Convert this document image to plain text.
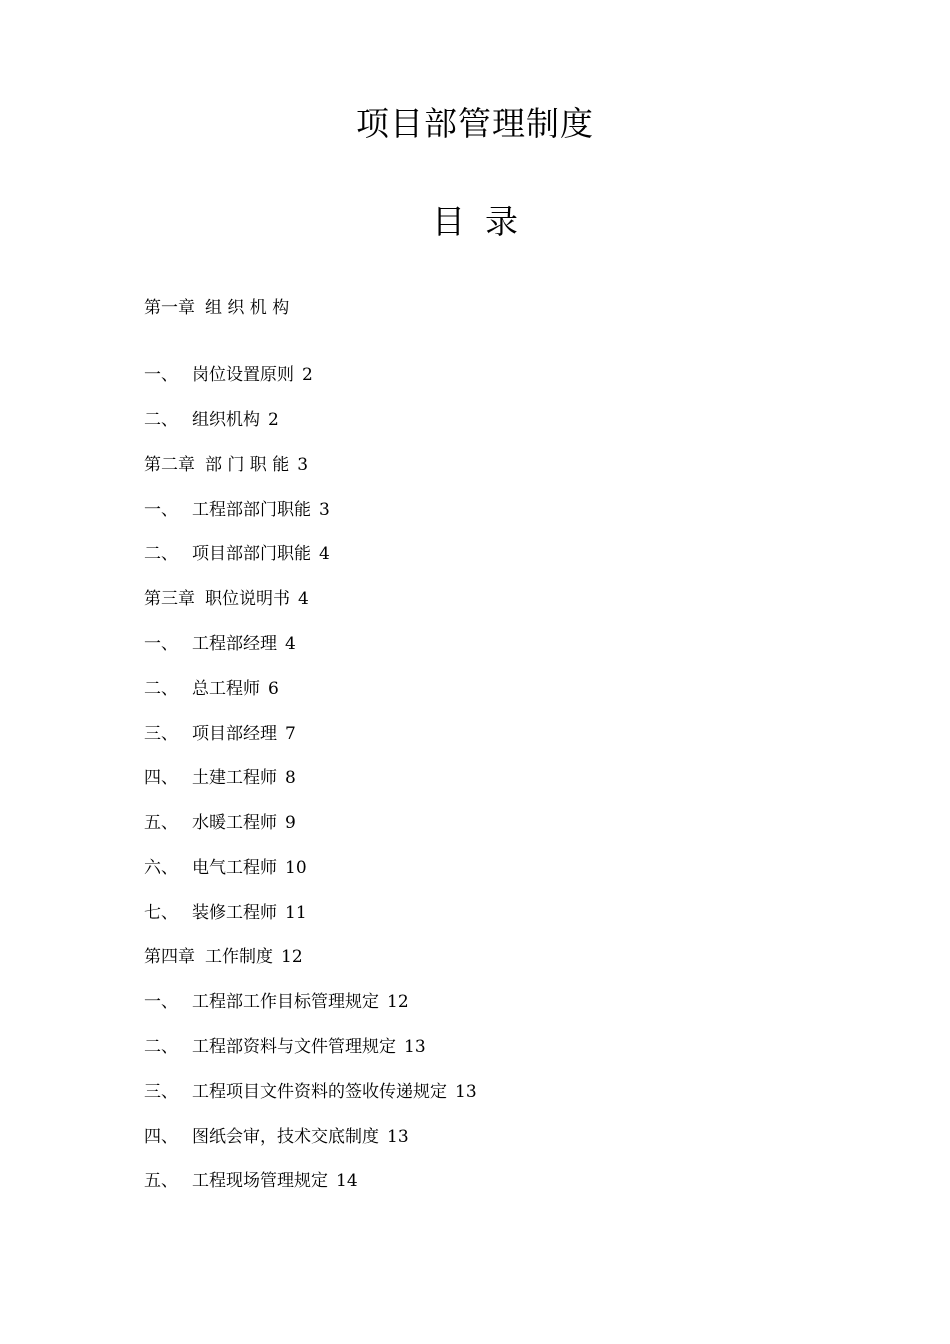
项目部管理制度
目 录
第一章 组 织 机 构
一、 岗位设置原则 2
二、 组织机构 2
第二章 部 门 职 能 3
一、 工程部部门职能 3
二、 项目部部门职能 4
第三章 职位说明书 4
一、 工程部经理 4
二、 总工程师 6
三、 项目部经理 7
四、 土建工程师 8
五、 水暖工程师 9
六、 电气工程师 10
七、 装修工程师 11
第四章 工作制度 12
一、 工程部工作目标管理规定 12
二、 工程部资料与文件管理规定 13
三、 工程项目文件资料的签收传递规定 13
四、 图纸会审，技术交底制度 13
五、 工程现场管理规定 14
